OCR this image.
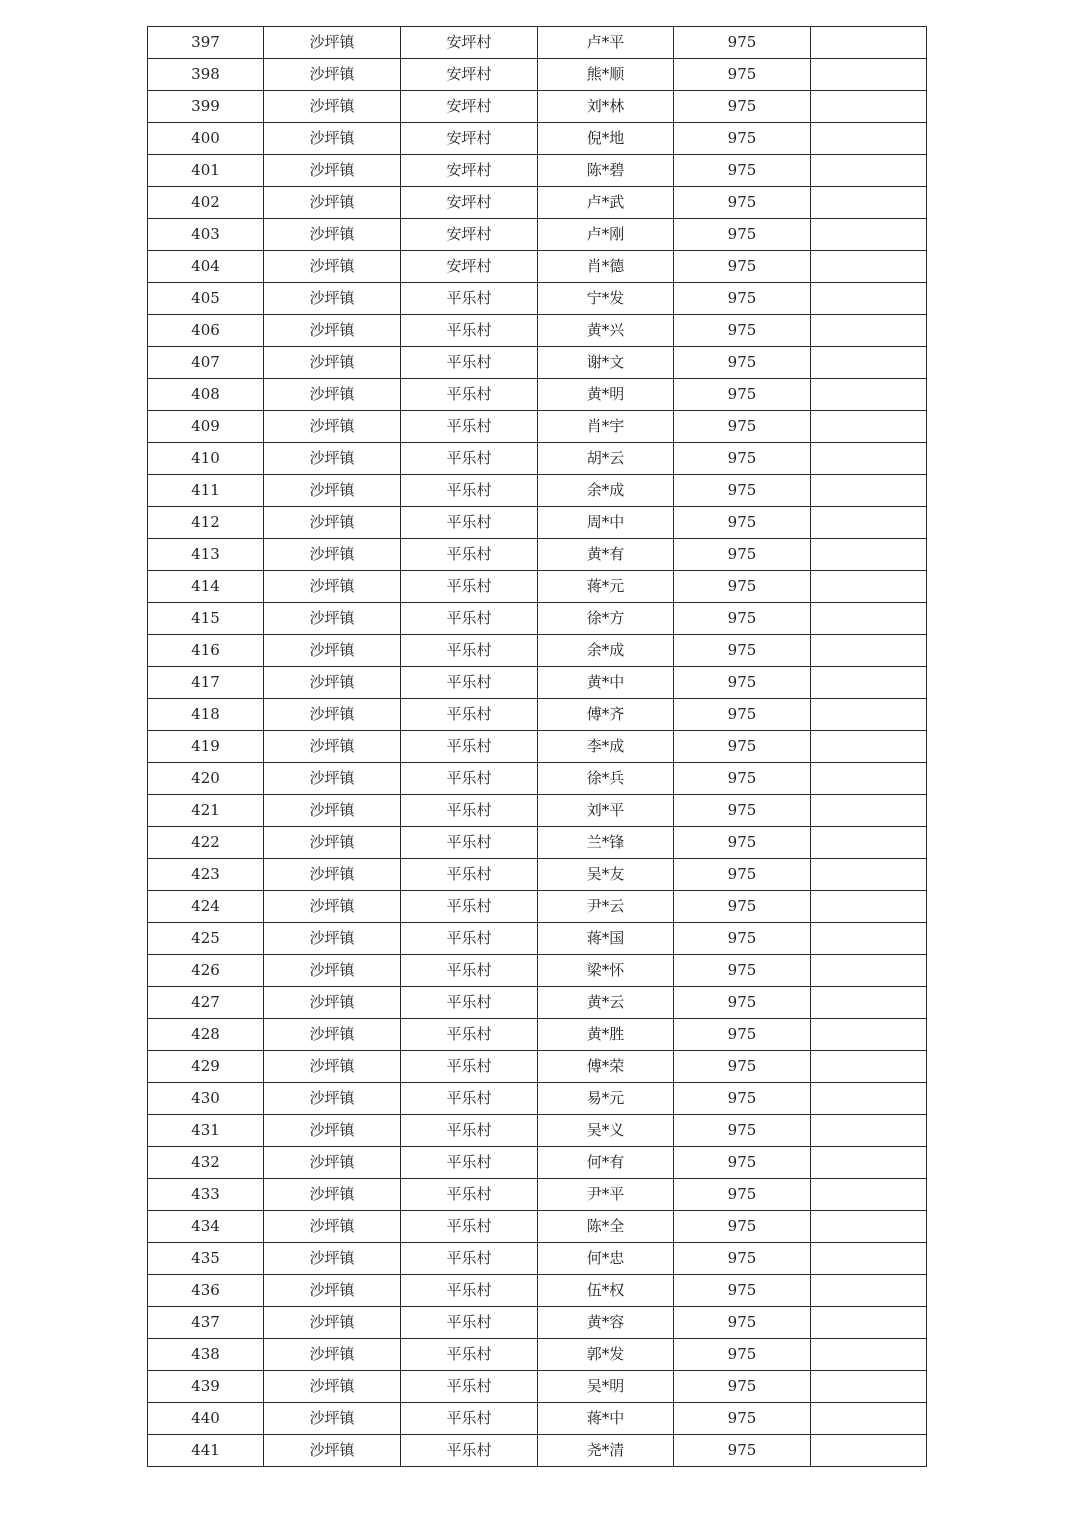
397	沙坪镇	安坪村	卢*平	975	
398	沙坪镇	安坪村	熊*顺	975	
399	沙坪镇	安坪村	刘*林	975	
400	沙坪镇	安坪村	倪*地	975	
401	沙坪镇	安坪村	陈*碧	975	
402	沙坪镇	安坪村	卢*武	975	
403	沙坪镇	安坪村	卢*刚	975	
404	沙坪镇	安坪村	肖*德	975	
405	沙坪镇	平乐村	宁*发	975	
406	沙坪镇	平乐村	黄*兴	975	
407	沙坪镇	平乐村	谢*文	975	
408	沙坪镇	平乐村	黄*明	975	
409	沙坪镇	平乐村	肖*宇	975	
410	沙坪镇	平乐村	胡*云	975	
411	沙坪镇	平乐村	余*成	975	
412	沙坪镇	平乐村	周*中	975	
413	沙坪镇	平乐村	黄*有	975	
414	沙坪镇	平乐村	蒋*元	975	
415	沙坪镇	平乐村	徐*方	975	
416	沙坪镇	平乐村	余*成	975	
417	沙坪镇	平乐村	黄*中	975	
418	沙坪镇	平乐村	傅*齐	975	
419	沙坪镇	平乐村	李*成	975	
420	沙坪镇	平乐村	徐*兵	975	
421	沙坪镇	平乐村	刘*平	975	
422	沙坪镇	平乐村	兰*锋	975	
423	沙坪镇	平乐村	吴*友	975	
424	沙坪镇	平乐村	尹*云	975	
425	沙坪镇	平乐村	蒋*国	975	
426	沙坪镇	平乐村	梁*怀	975	
427	沙坪镇	平乐村	黄*云	975	
428	沙坪镇	平乐村	黄*胜	975	
429	沙坪镇	平乐村	傅*荣	975	
430	沙坪镇	平乐村	易*元	975	
431	沙坪镇	平乐村	吴*义	975	
432	沙坪镇	平乐村	何*有	975	
433	沙坪镇	平乐村	尹*平	975	
434	沙坪镇	平乐村	陈*全	975	
435	沙坪镇	平乐村	何*忠	975	
436	沙坪镇	平乐村	伍*权	975	
437	沙坪镇	平乐村	黄*容	975	
438	沙坪镇	平乐村	郭*发	975	
439	沙坪镇	平乐村	吴*明	975	
440	沙坪镇	平乐村	蒋*中	975	
441	沙坪镇	平乐村	尧*清	975	
